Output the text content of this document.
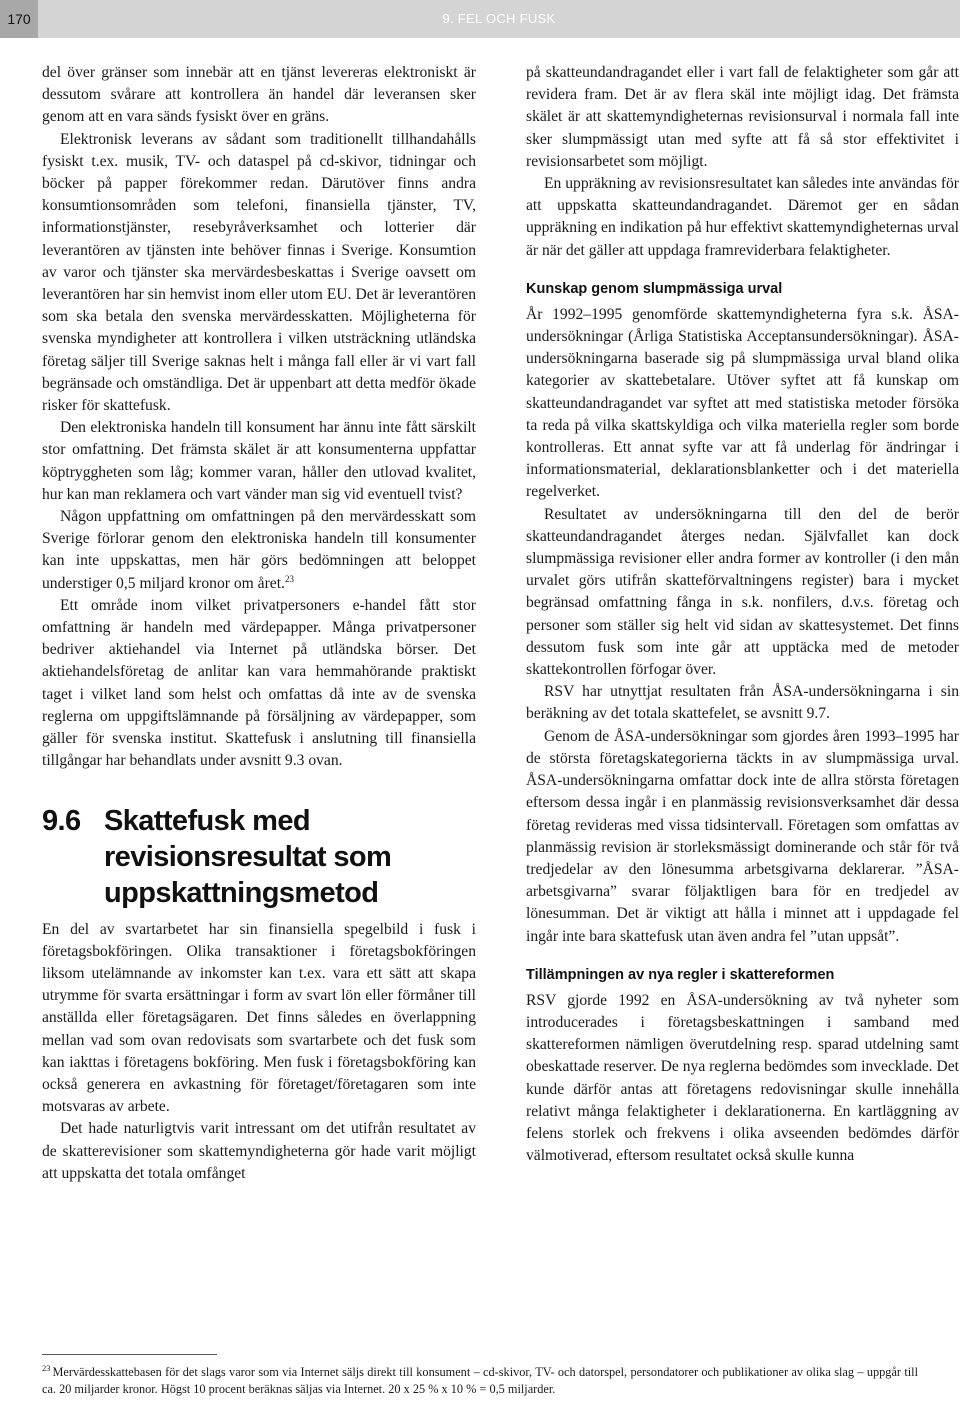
170	9. FEL OCH FUSK

del över gränser som innebär att en tjänst levereras elektroniskt är dessutom svårare att kontrollera än handel där leveransen sker genom att en vara sänds fysiskt över en gräns.

Elektronisk leverans av sådant som traditionellt tillhandahålls fysiskt t.ex. musik, TV- och dataspel på cd-skivor, tidningar och böcker på papper förekommer redan. Därutöver finns andra konsumtionsområden som telefoni, finansiella tjänster, TV, informationstjänster, resebyråverksamhet och lotterier där leverantören av tjänsten inte behöver finnas i Sverige. Konsumtion av varor och tjänster ska mervärdesbeskattas i Sverige oavsett om leverantören har sin hemvist inom eller utom EU. Det är leverantören som ska betala den svenska mervärdesskatten. Möjligheterna för svenska myndigheter att kontrollera i vilken utsträckning utländska företag säljer till Sverige saknas helt i många fall eller är vi vart fall begränsade och omständliga. Det är uppenbart att detta medför ökade risker för skattefusk.

Den elektroniska handeln till konsument har ännu inte fått särskilt stor omfattning. Det främsta skälet är att konsumenterna uppfattar köptryggheten som låg; kommer varan, håller den utlovad kvalitet, hur kan man reklamera och vart vänder man sig vid eventuell tvist?

Någon uppfattning om omfattningen på den mervärdesskatt som Sverige förlorar genom den elektroniska handeln till konsumenter kan inte uppskattas, men här görs bedömningen att beloppet understiger 0,5 miljard kronor om året.$^{23}$

Ett område inom vilket privatpersoners e-handel fått stor omfattning är handeln med värdepapper. Många privatpersoner bedriver aktiehandel via Internet på utländska börser. Det aktiehandelsföretag de anlitar kan vara hemmahörande praktiskt taget i vilket land som helst och omfattas då inte av de svenska reglerna om uppgiftslämnande på försäljning av värdepapper, som gäller för svenska institut. Skattefusk i anslutning till finansiella tillgångar har behandlats under avsnitt 9.3 ovan.

9.6 Skattefusk med revisionsresultat som uppskattningsmetod

En del av svartarbetet har sin finansiella spegelbild i fusk i företagsbokföringen. Olika transaktioner i företagsbokföringen liksom utelämnande av inkomster kan t.ex. vara ett sätt att skapa utrymme för svarta ersättningar i form av svart lön eller förmåner till anställda eller företagsägaren. Det finns således en överlappning mellan vad som ovan redovisats som svartarbete och det fusk som kan iakttas i företagens bokföring. Men fusk i företagsbokföring kan också generera en avkastning för företaget/företagaren som inte motsvaras av arbete.

Det hade naturligtvis varit intressant om det utifrån resultatet av de skatterevisioner som skattemyndigheterna gör hade varit möjligt att uppskatta det totala omfånget

på skatteundandragandet eller i vart fall de felaktigheter som går att revidera fram. Det är av flera skäl inte möjligt idag. Det främsta skälet är att skattemyndigheternas revisionsurval i normala fall inte sker slumpmässigt utan med syfte att få så stor effektivitet i revisionsarbetet som möjligt.

En uppräkning av revisionsresultatet kan således inte användas för att uppskatta skatteundandragandet. Däremot ger en sådan uppräkning en indikation på hur effektivt skattemyndigheternas urval är när det gäller att uppdaga framreviderbara felaktigheter.

Kunskap genom slumpmässiga urval

År 1992–1995 genomförde skattemyndigheterna fyra s.k. ÅSA-undersökningar (Årliga Statistiska Acceptansundersökningar). ÅSA-undersökningarna baserade sig på slumpmässiga urval bland olika kategorier av skattebetalare. Utöver syftet att få kunskap om skatteundandragandet var syftet att med statistiska metoder försöka ta reda på vilka skattskyldiga och vilka materiella regler som borde kontrolleras. Ett annat syfte var att få underlag för ändringar i informationsmaterial, deklarationsblanketter och i det materiella regelverket.

Resultatet av undersökningarna till den del de berör skatteundandragandet återges nedan. Självfallet kan dock slumpmässiga revisioner eller andra former av kontroller (i den mån urvalet görs utifrån skatteförvaltningens register) bara i mycket begränsad omfattning fånga in s.k. nonfilers, d.v.s. företag och personer som ställer sig helt vid sidan av skattesystemet. Det finns dessutom fusk som inte går att upptäcka med de metoder skattekontrollen förfogar över.

RSV har utnyttjat resultaten från ÅSA-undersökningarna i sin beräkning av det totala skattefelet, se avsnitt 9.7.

Genom de ÅSA-undersökningar som gjordes åren 1993–1995 har de största företagskategorierna täckts in av slumpmässiga urval. ÅSA-undersökningarna omfattar dock inte de allra största företagen eftersom dessa ingår i en planmässig revisionsverksamhet där dessa företag revideras med vissa tidsintervall. Företagen som omfattas av planmässig revision är storleksmässigt dominerande och står för två tredjedelar av den lönesumma arbetsgivarna deklarerar. ”ÅSA-arbetsgivarna” svarar följaktligen bara för en tredjedel av lönesumman. Det är viktigt att hålla i minnet att i uppdagade fel ingår inte bara skattefusk utan även andra fel ”utan uppsåt”.

Tillämpningen av nya regler i skattereformen

RSV gjorde 1992 en ÅSA-undersökning av två nyheter som introducerades i företagsbeskattningen i samband med skattereformen nämligen överutdelning resp. sparad utdelning samt obeskattade reserver. De nya reglerna bedömdes som invecklade. Det kunde därför antas att företagens redovisningar skulle innehålla relativt många felaktigheter i deklarationerna. En kartläggning av felens storlek och frekvens i olika avseenden bedömdes därför välmotiverad, eftersom resultatet också skulle kunna

$^{23}$ Mervärdesskattebasen för det slags varor som via Internet säljs direkt till konsument – cd-skivor, TV- och datorspel, persondatorer och publikationer av olika slag – uppgår till ca. 20 miljarder kronor. Högst 10 procent beräknas säljas via Internet. 20 x 25 % x 10 % = 0,5 miljarder.
